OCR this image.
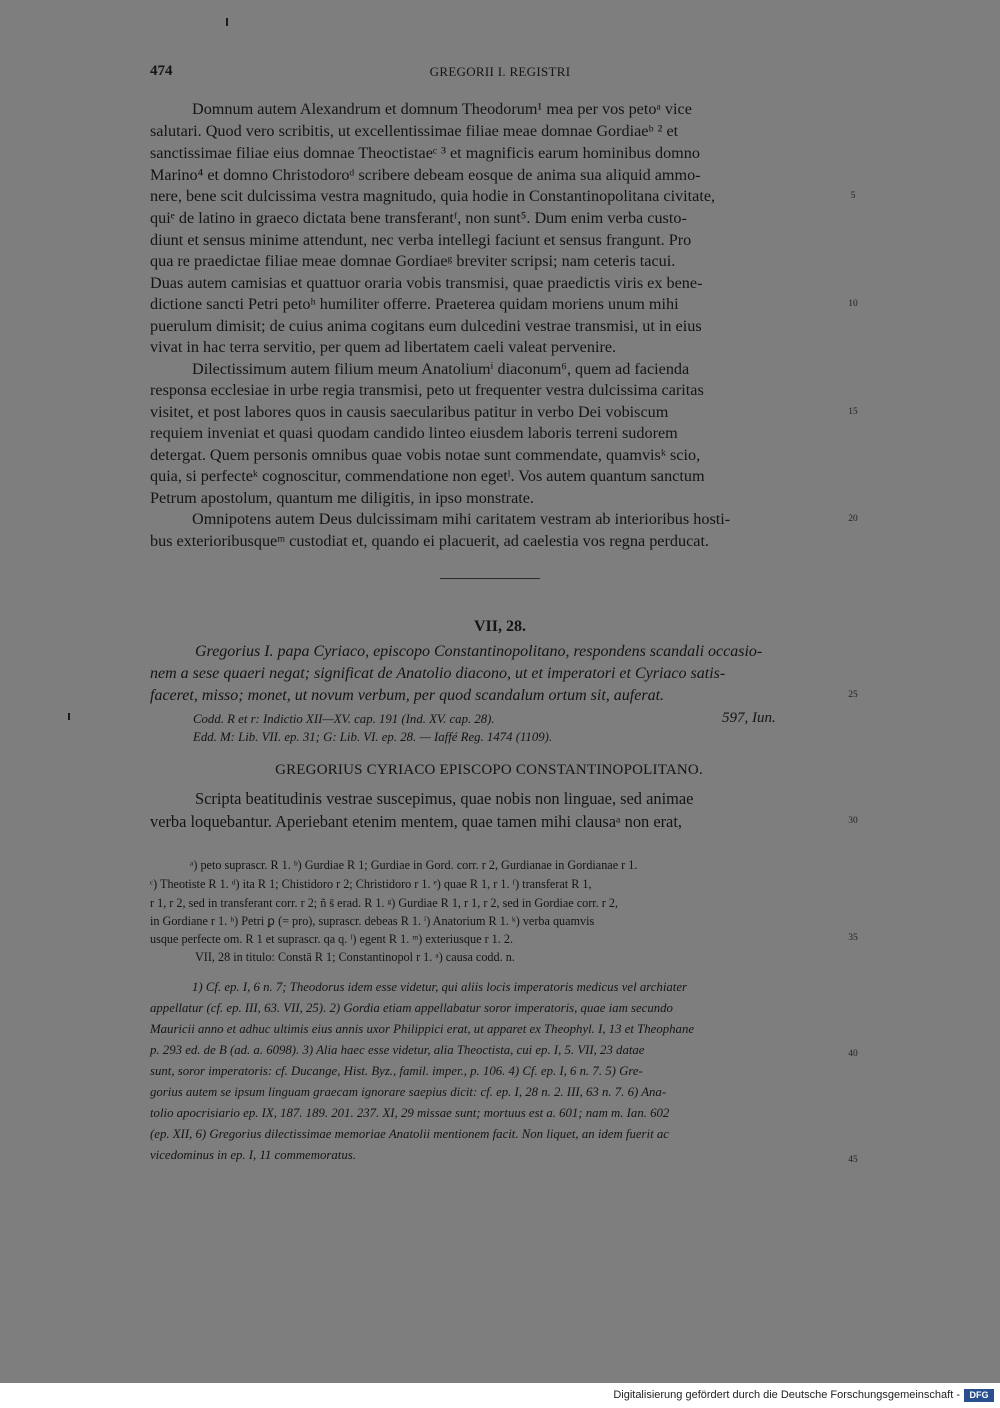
474	GREGORII I. REGISTRI
Domnum autem Alexandrum et domnum Theodorum¹ mea per vos petoᵃ vice
salutari. Quod vero scribitis, ut excellentissimae filiae meae domnae Gordiaeᵇ ² et
sanctissimae filiae eius domnae Theoctistaeᶜ ³ et magnificis earum hominibus domno
Marino⁴ et domno Christodoroᵈ scribere debeam eosque de anima sua aliquid ammo-
nere, bene scit dulcissima vestra magnitudo, quia hodie in Constantinopolitana civitate,
quiᵉ de latino in graeco dictata bene transferantᶠ, non sunt⁵. Dum enim verba custo-
diunt et sensus minime attendunt, nec verba intellegi faciunt et sensus frangunt. Pro
qua re praedictae filiae meae domnae Gordiaeᵍ breviter scripsi; nam ceteris tacui.
Duas autem camisias et quattuor oraria vobis transmisi, quae praedictis viris ex bene-
dictione sancti Petri petoʰ humiliter offerre. Praeterea quidam moriens unum mihi
puerulum dimisit; de cuius anima cogitans eum dulcedini vestrae transmisi, ut in eius
vivat in hac terra servitio, per quem ad libertatem caeli valeat pervenire.
Dilectissimum autem filium meum Anatoliumⁱ diaconum⁶, quem ad facienda
responsa ecclesiae in urbe regia transmisi, peto ut frequenter vestra dulcissima caritas
visitet, et post labores quos in causis saecularibus patitur in verbo Dei vobiscum
requiem inveniat et quasi quodam candido linteo eiusdem laboris terreni sudorem
detergat. Quem personis omnibus quae vobis notae sunt commendate, quamvisᵏ scio,
quia, si perfecteᵏ cognoscitur, commendatione non egetˡ. Vos autem quantum sanctum
Petrum apostolum, quantum me diligitis, in ipso monstrate.
Omnipotens autem Deus dulcissimam mihi caritatem vestram ab interioribus hosti-
bus exterioribusqueᵐ custodiat et, quando ei placuerit, ad caelestia vos regna perducat.
VII, 28.
Gregorius I. papa Cyriaco, episcopo Constantinopolitano, respondens scandali occasio-
nem a sese quaeri negat; significat de Anatolio diacono, ut et imperatori et Cyriaco satis-
faceret, misso; monet, ut novum verbum, per quod scandalum ortum sit, auferat.
Codd. R et r: Indictio XII—XV. cap. 191 (Ind. XV. cap. 28).
Edd. M: Lib. VII. ep. 31; G: Lib. VI. ep. 28. — Iaffé Reg. 1474 (1109).
597, Iun.
GREGORIUS CYRIACO EPISCOPO CONSTANTINOPOLITANO.
Scripta beatitudinis vestrae suscepimus, quae nobis non linguae, sed animae
verba loquebantur. Aperiebant etenim mentem, quae tamen mihi clausaᵃ non erat,
ᵃ) peto suprascr. R 1. ᵇ) Gurdiae R 1; Gurdiae in Gord. corr. r 2, Gurdianae in Gordianae r 1.
ᶜ) Theotiste R 1. ᵈ) ita R 1; Chistidoro r 2; Christidoro r 1. ᵉ) quae R 1, r 1. ᶠ) transferat R 1,
r 1, r 2, sed in transferant corr. r 2; ñ s̄ erad. R 1. ᵍ) Gurdiae R 1, r 1, r 2, sed in Gordiae corr. r 2,
in Gordiane r 1. ʰ) Petri ꝑ (= pro), suprascr. debeas R 1. ⁱ) Anatorium R 1. ᵏ) verba quamvis
usque perfecte om. R 1 et suprascr. qa q. ˡ) egent R 1. ᵐ) exteriusque r 1. 2.
VII, 28 in titulo: Constā R 1; Constantinopol r 1. ᵃ) causa codd. n.
1) Cf. ep. I, 6 n. 7; Theodorus idem esse videtur, qui aliis locis imperatoris medicus vel archiater
appellatur (cf. ep. III, 63. VII, 25). 2) Gordia etiam appellabatur soror imperatoris, quae iam secundo
Mauricii anno et adhuc ultimis eius annis uxor Philippici erat, ut apparet ex Theophyl. I, 13 et Theophane
p. 293 ed. de B (ad. a. 6098). 3) Alia haec esse videtur, alia Theoctista, cui ep. I, 5. VII, 23 datae
sunt, soror imperatoris: cf. Ducange, Hist. Byz., famil. imper., p. 106. 4) Cf. ep. I, 6 n. 7. 5) Gre-
gorius autem se ipsum linguam graecam ignorare saepius dicit: cf. ep. I, 28 n. 2. III, 63 n. 7. 6) Ana-
tolio apocrisiario ep. IX, 187. 189. 201. 237. XI, 29 missae sunt; mortuus est a. 601; nam m. Ian. 602
(ep. XII, 6) Gregorius dilectissimae memoriae Anatolii mentionem facit. Non liquet, an idem fuerit ac
vicedominus in ep. I, 11 commemoratus.
5
10
15
20
25
30
35
40
45
Digitalisierung gefördert durch die Deutsche Forschungsgemeinschaft -	DFG
